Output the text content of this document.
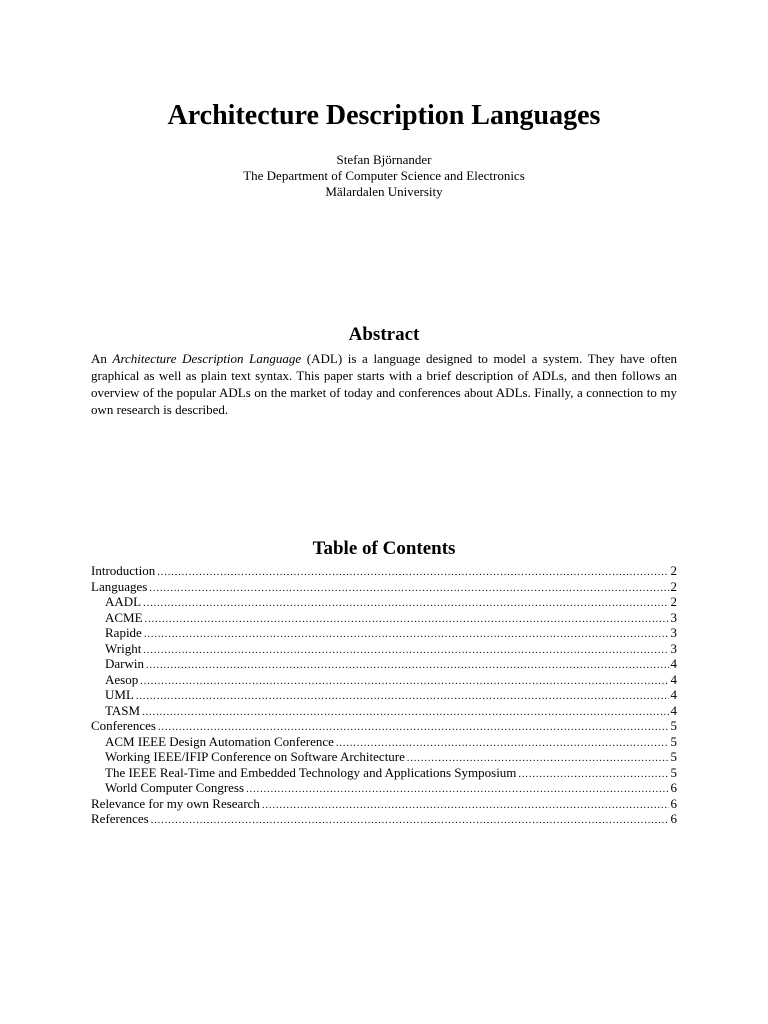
Architecture Description Languages
Stefan Björnander
The Department of Computer Science and Electronics
Mälardalen University
Abstract

An Architecture Description Language (ADL) is a language designed to model a system. They have often graphical as well as plain text syntax. This paper starts with a brief description of ADLs, and then follows an overview of the popular ADLs on the market of today and conferences about ADLs. Finally, a connection to my own research is described.

Table of Contents
Introduction .....	2
Languages .....	2
AADL .....	2
ACME .....	3
Rapide .....	3
Wright .....	3
Darwin .....	4
Aesop .....	4
UML .....	4
TASM .....	4
Conferences .....	5
ACM IEEE Design Automation Conference .....	5
Working IEEE/IFIP Conference on Software Architecture .....	5
The IEEE Real-Time and Embedded Technology and Applications Symposium .....	5
World Computer Congress .....	6
Relevance for my own Research .....	6
References .....	6
